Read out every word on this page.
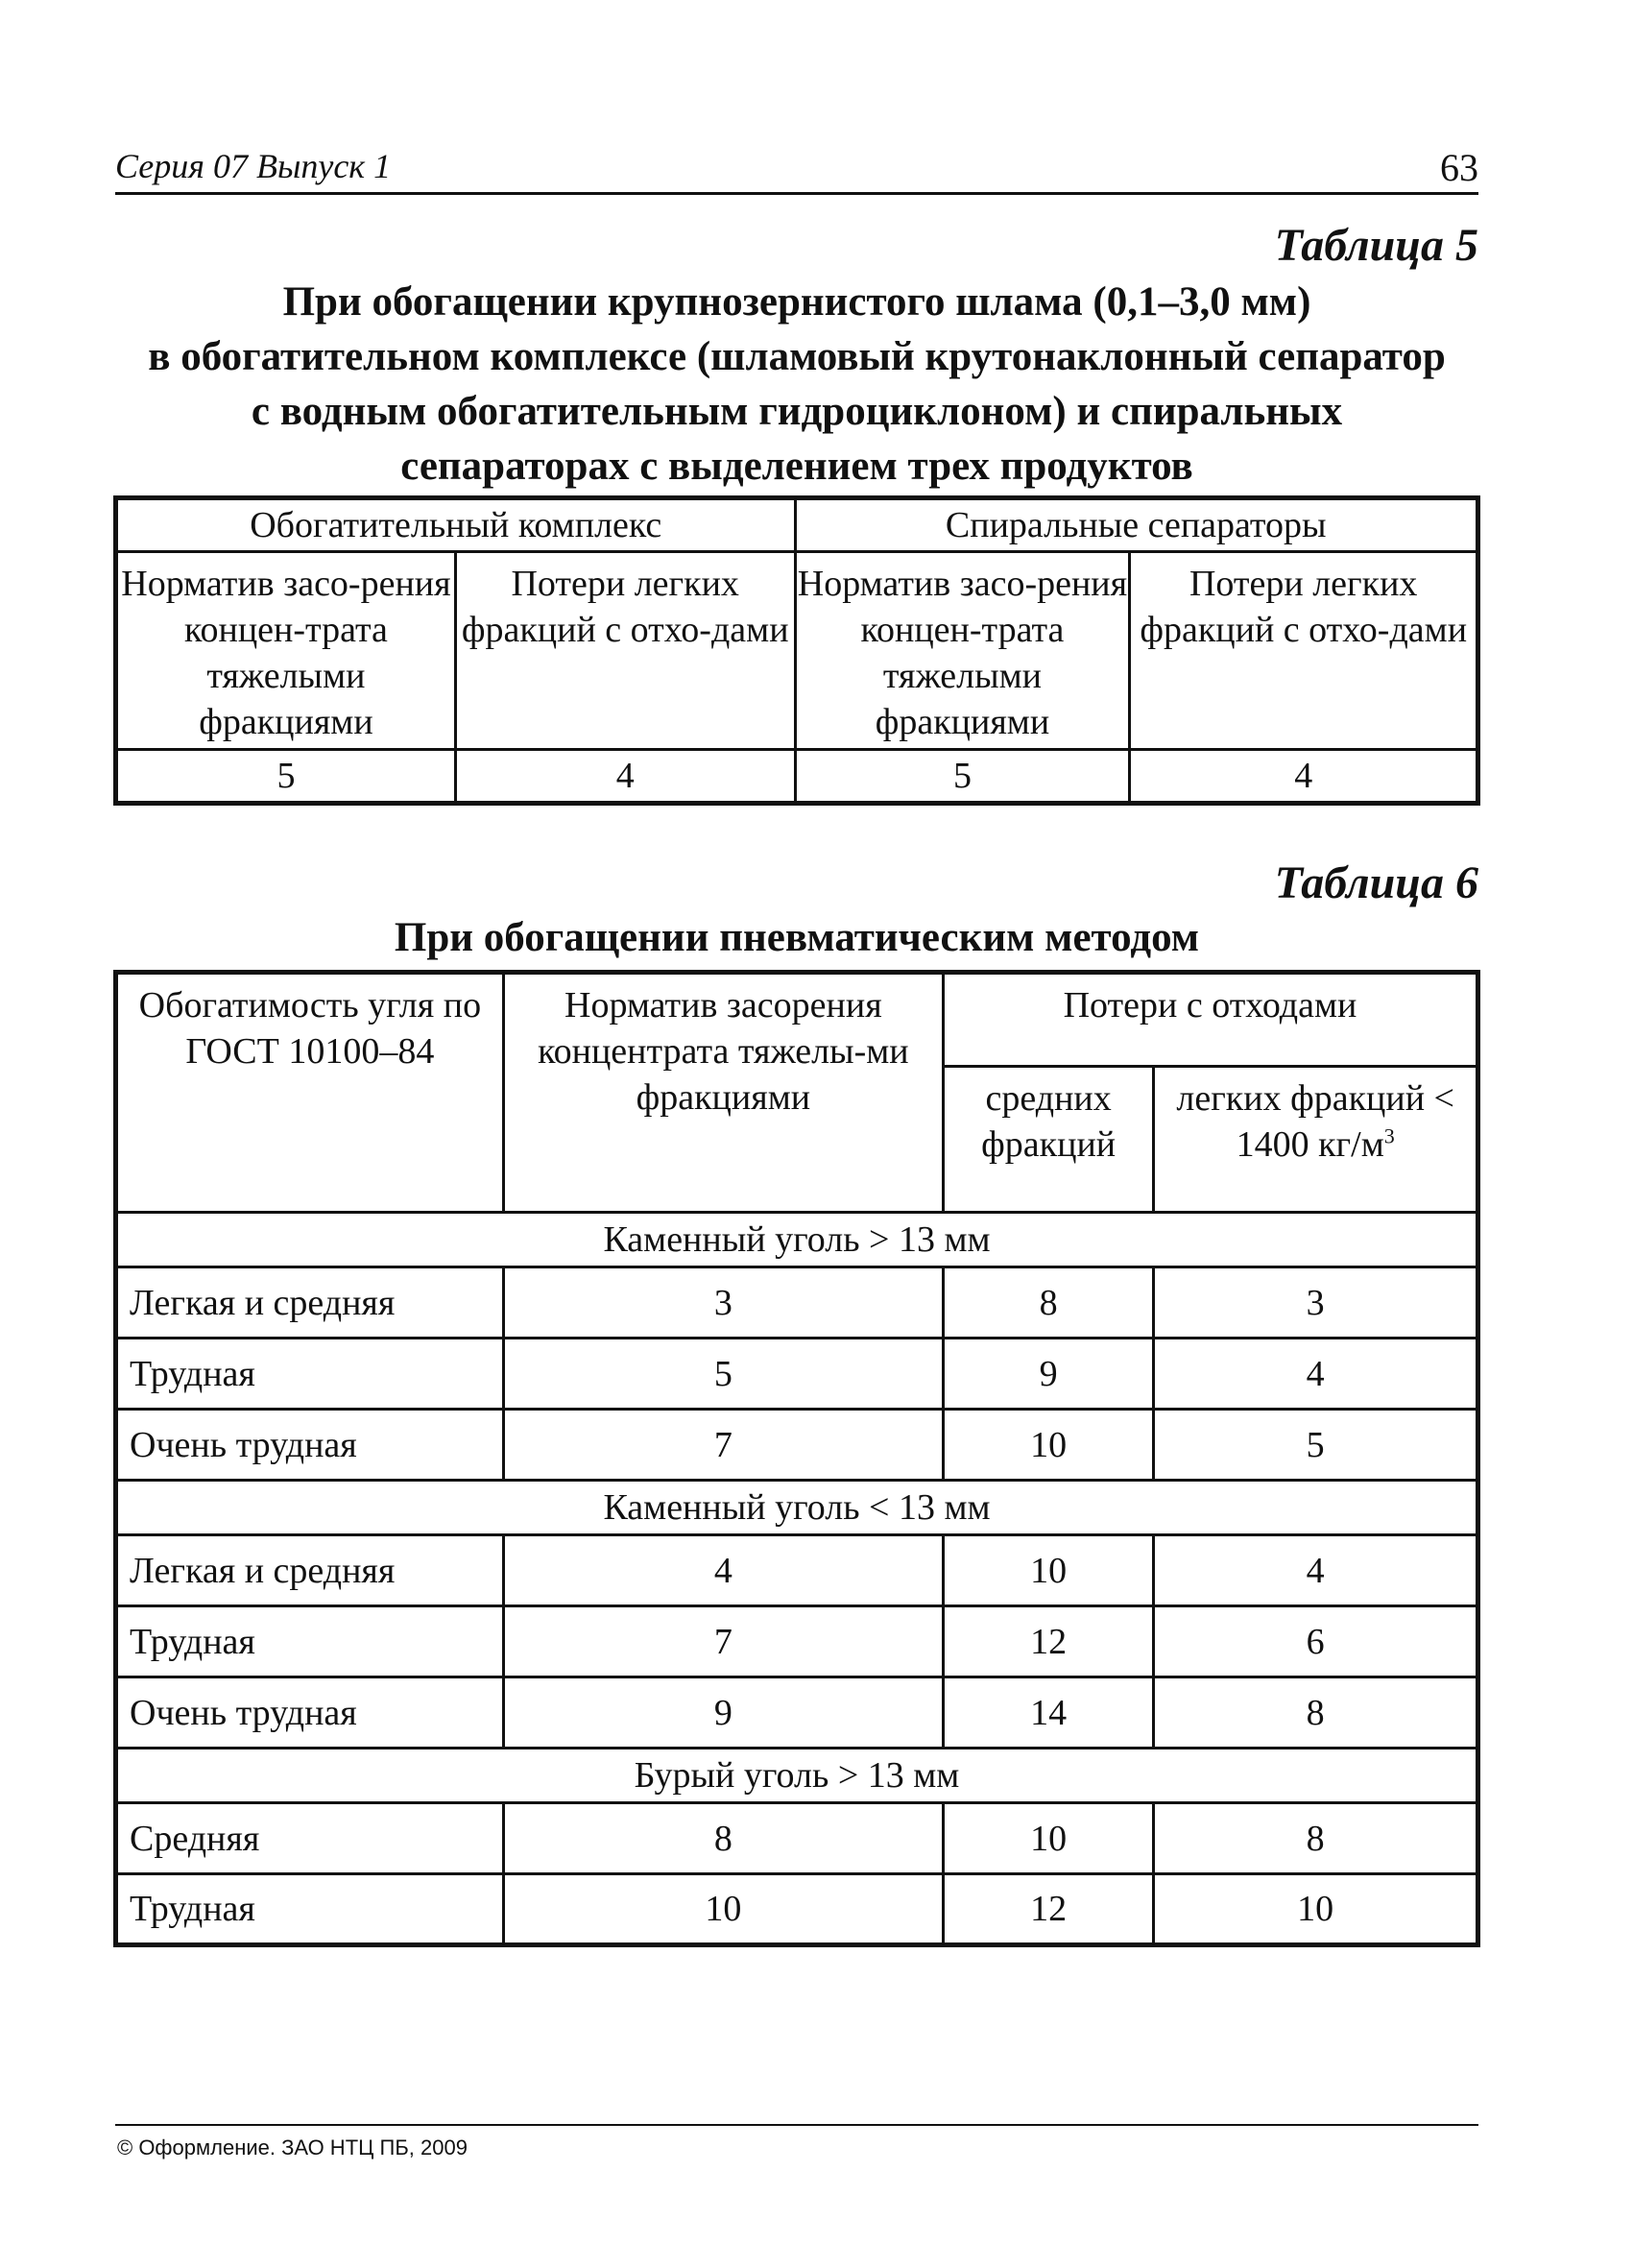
Серия 07 Выпуск 1	63
Таблица 5
При обогащении крупнозернистого шлама (0,1–3,0 мм)
в обогатительном комплексе (шламовый крутонаклонный сепаратор
с водным обогатительным гидроциклоном) и спиральных
сепараторах с выделением трех продуктов
Обогатительный комплекс		Спиральные сепараторы	
Норматив засо-рения концен-трата тяжелыми фракциями	Потери легких фракций с отхо-дами	Норматив засо-рения концен-трата тяжелыми фракциями	Потери легких фракций с отхо-дами
5	4	5	4
Таблица 6
При обогащении пневматическим методом
Обогатимость угля по ГОСТ 10100–84	Норматив засорения концентрата тяжелы-ми фракциями	Потери с отходами	
		средних фракций	легких фракций < 1400 $кг/м^3$
Каменный уголь > 13 мм			
Легкая и средняя	3	8	3
Трудная	5	9	4
Очень трудная	7	10	5
Каменный уголь < 13 мм			
Легкая и средняя	4	10	4
Трудная	7	12	6
Очень трудная	9	14	8
Бурый уголь > 13 мм			
Средняя	8	10	8
Трудная	10	12	10
© Оформление. ЗАО НТЦ ПБ, 2009
